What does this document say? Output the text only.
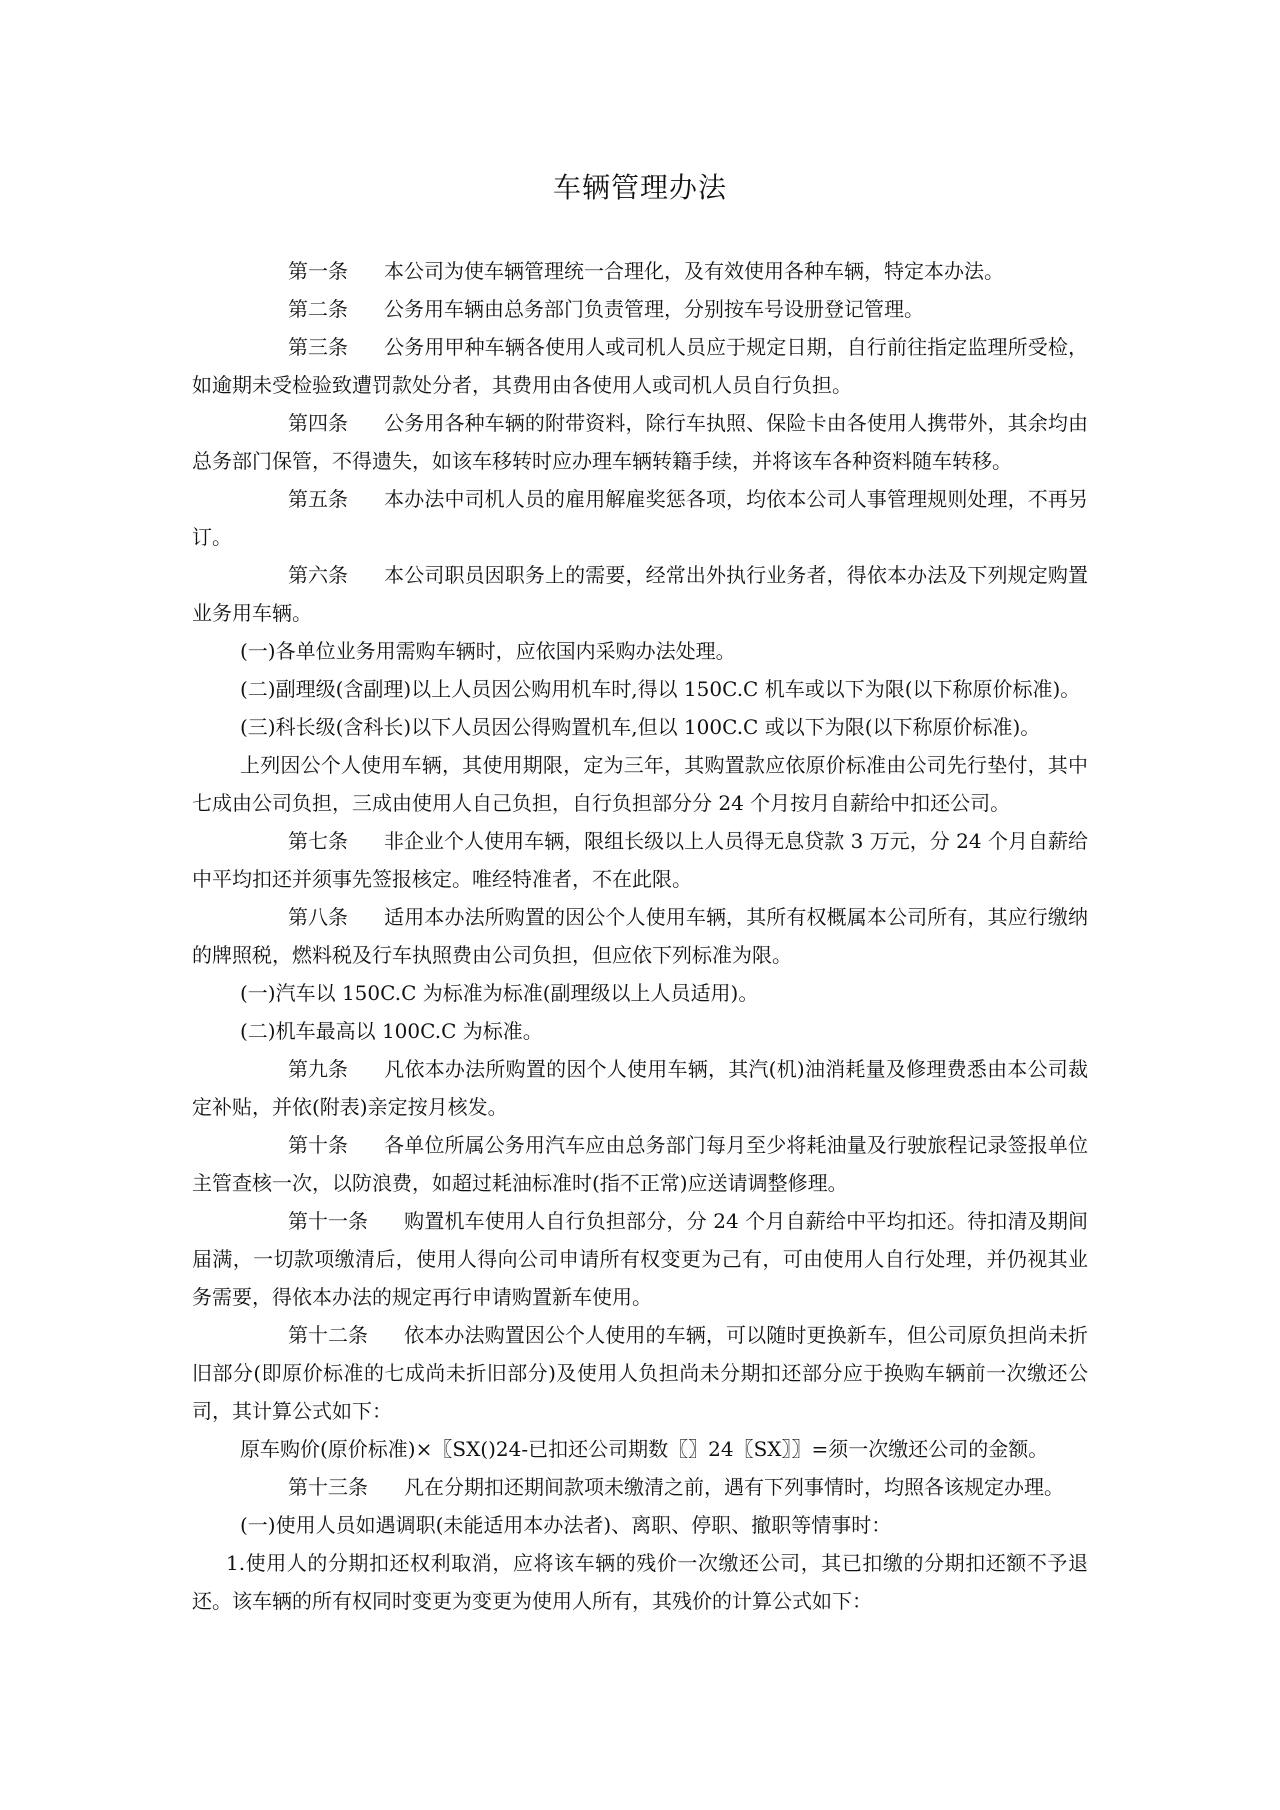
车辆管理办法

第一条 本公司为使车辆管理统一合理化，及有效使用各种车辆，特定本办法。

第二条 公务用车辆由总务部门负责管理，分别按车号设册登记管理。

第三条 公务用甲种车辆各使用人或司机人员应于规定日期，自行前往指定监理所受检，如逾期未受检验致遭罚款处分者，其费用由各使用人或司机人员自行负担。

第四条 公务用各种车辆的附带资料，除行车执照、保险卡由各使用人携带外，其余均由总务部门保管，不得遗失，如该车移转时应办理车辆转籍手续，并将该车各种资料随车转移。

第五条 本办法中司机人员的雇用解雇奖惩各项，均依本公司人事管理规则处理，不再另订。

第六条 本公司职员因职务上的需要，经常出外执行业务者，得依本办法及下列规定购置业务用车辆。

(一)各单位业务用需购车辆时，应依国内采购办法处理。

(二)副理级(含副理)以上人员因公购用机车时,得以 150C.C 机车或以下为限(以下称原价标准)。

(三)科长级(含科长)以下人员因公得购置机车,但以 100C.C 或以下为限(以下称原价标准)。

上列因公个人使用车辆，其使用期限，定为三年，其购置款应依原价标准由公司先行垫付，其中七成由公司负担，三成由使用人自己负担，自行负担部分分 24 个月按月自薪给中扣还公司。

第七条 非企业个人使用车辆，限组长级以上人员得无息贷款 3 万元，分 24 个月自薪给中平均扣还并须事先签报核定。唯经特准者，不在此限。

第八条 适用本办法所购置的因公个人使用车辆，其所有权概属本公司所有，其应行缴纳的牌照税，燃料税及行车执照费由公司负担，但应依下列标准为限。

(一)汽车以 150C.C 为标准为标准(副理级以上人员适用)。

(二)机车最高以 100C.C 为标准。

第九条 凡依本办法所购置的因个人使用车辆，其汽(机)油消耗量及修理费悉由本公司裁定补贴，并依(附表)亲定按月核发。

第十条 各单位所属公务用汽车应由总务部门每月至少将耗油量及行驶旅程记录签报单位主管查核一次，以防浪费，如超过耗油标准时(指不正常)应送请调整修理。

第十一条 购置机车使用人自行负担部分，分 24 个月自薪给中平均扣还。待扣清及期间届满，一切款项缴清后，使用人得向公司申请所有权变更为己有，可由使用人自行处理，并仍视其业务需要，得依本办法的规定再行申请购置新车使用。

第十二条 依本办法购置因公个人使用的车辆，可以随时更换新车，但公司原负担尚未折旧部分(即原价标准的七成尚未折旧部分)及使用人负担尚未分期扣还部分应于换购车辆前一次缴还公司，其计算公式如下：

原车购价(原价标准)×〖SX()24-已扣还公司期数〖〗24〖SX〗〗=须一次缴还公司的金额。

第十三条 凡在分期扣还期间款项未缴清之前，遇有下列事情时，均照各该规定办理。

(一)使用人员如遇调职(未能适用本办法者)、离职、停职、撤职等情事时：

1.使用人的分期扣还权利取消，应将该车辆的残价一次缴还公司，其已扣缴的分期扣还额不予退还。该车辆的所有权同时变更为变更为使用人所有，其残价的计算公式如下：
